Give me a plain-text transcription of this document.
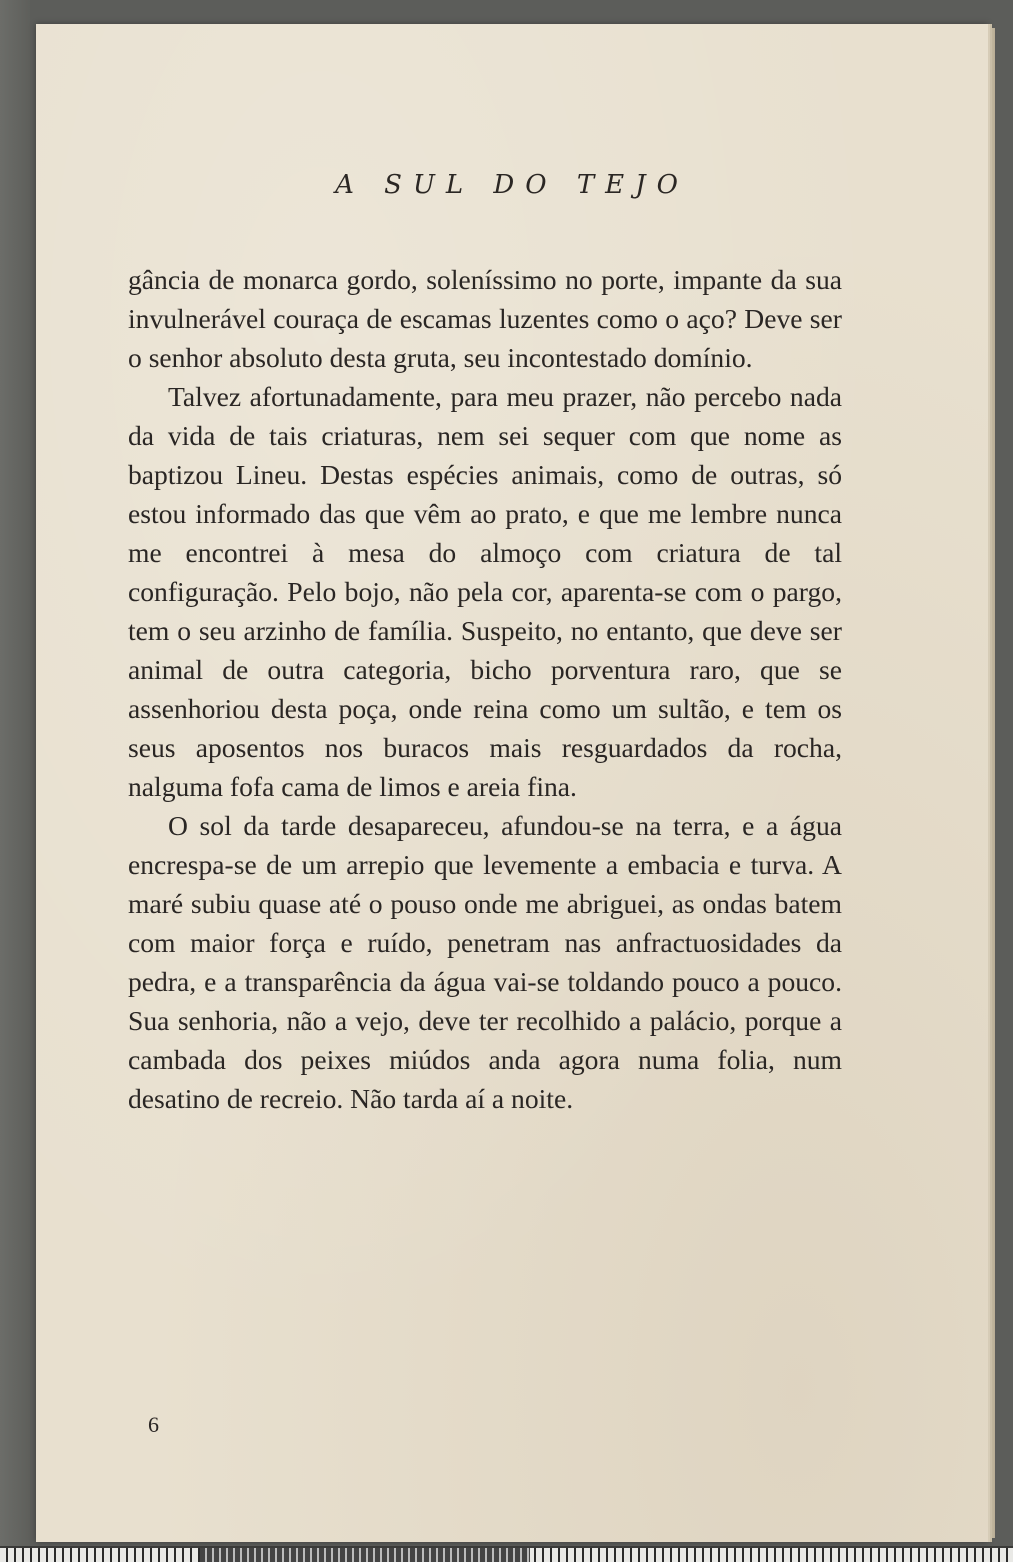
A SUL DO TEJO

gância de monarca gordo, soleníssimo no porte, impante da sua invulnerável couraça de escamas luzentes como o aço? Deve ser o senhor absoluto desta gruta, seu incontestado domínio.

Talvez afortunadamente, para meu prazer, não percebo nada da vida de tais criaturas, nem sei sequer com que nome as baptizou Lineu. Destas espécies animais, como de outras, só estou informado das que vêm ao prato, e que me lembre nunca me encontrei à mesa do almoço com criatura de tal configuração. Pelo bojo, não pela cor, aparenta-se com o pargo, tem o seu arzinho de família. Suspeito, no entanto, que deve ser animal de outra categoria, bicho porventura raro, que se assenhoriou desta poça, onde reina como um sultão, e tem os seus aposentos nos buracos mais resguardados da rocha, nalguma fofa cama de limos e areia fina.

O sol da tarde desapareceu, afundou-se na terra, e a água encrespa-se de um arrepio que levemente a embacia e turva. A maré subiu quase até o pouso onde me abriguei, as ondas batem com maior força e ruído, penetram nas anfractuosidades da pedra, e a transparência da água vai-se toldando pouco a pouco. Sua senhoria, não a vejo, deve ter recolhido a palácio, porque a cambada dos peixes miúdos anda agora numa folia, num desatino de recreio. Não tarda aí a noite.

6
